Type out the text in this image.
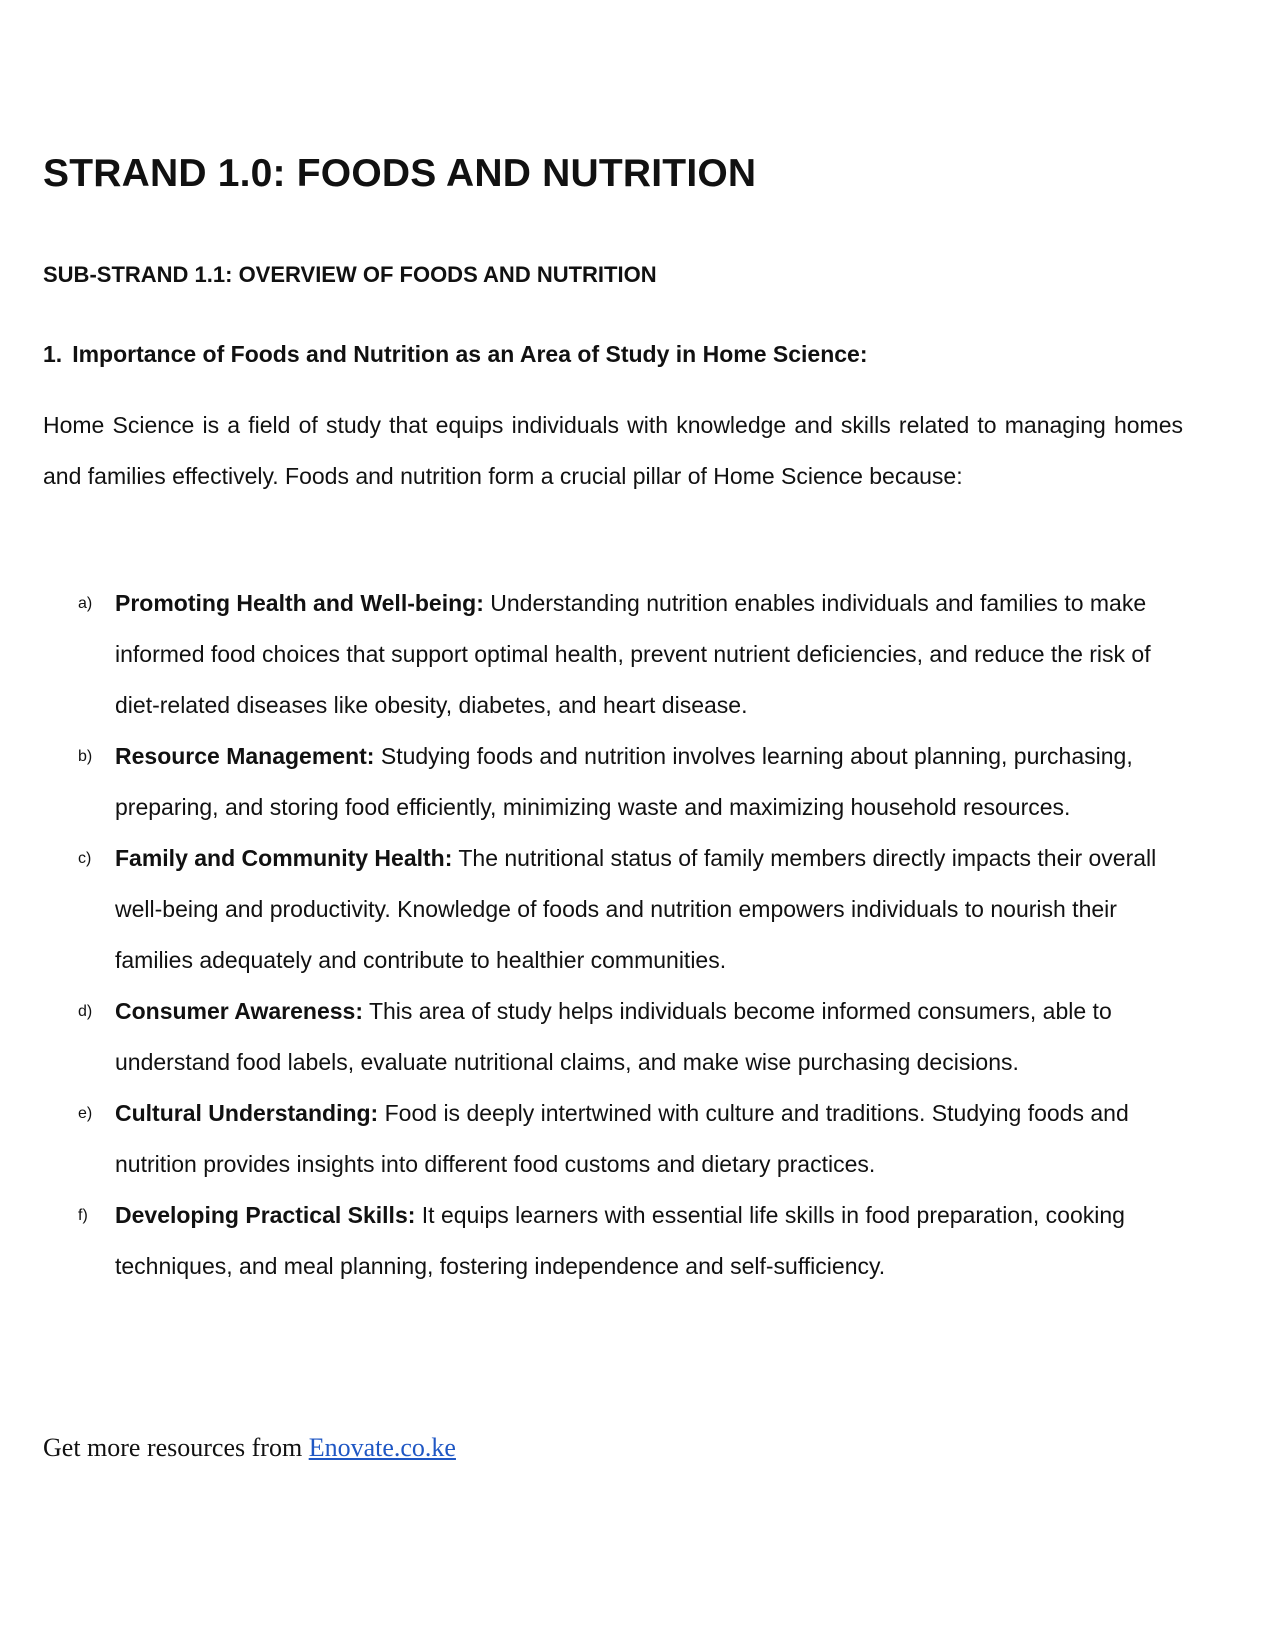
STRAND 1.0: FOODS AND NUTRITION
SUB-STRAND 1.1: OVERVIEW OF FOODS AND NUTRITION
1. Importance of Foods and Nutrition as an Area of Study in Home Science:

Home Science is a field of study that equips individuals with knowledge and skills related to managing homes and families effectively. Foods and nutrition form a crucial pillar of Home Science because:

a) Promoting Health and Well-being: Understanding nutrition enables individuals and families to make informed food choices that support optimal health, prevent nutrient deficiencies, and reduce the risk of diet-related diseases like obesity, diabetes, and heart disease.
b) Resource Management: Studying foods and nutrition involves learning about planning, purchasing, preparing, and storing food efficiently, minimizing waste and maximizing household resources.
c) Family and Community Health: The nutritional status of family members directly impacts their overall well-being and productivity. Knowledge of foods and nutrition empowers individuals to nourish their families adequately and contribute to healthier communities.
d) Consumer Awareness: This area of study helps individuals become informed consumers, able to understand food labels, evaluate nutritional claims, and make wise purchasing decisions.
e) Cultural Understanding: Food is deeply intertwined with culture and traditions. Studying foods and nutrition provides insights into different food customs and dietary practices.
f) Developing Practical Skills: It equips learners with essential life skills in food preparation, cooking techniques, and meal planning, fostering independence and self-sufficiency.
Get more resources from Enovate.co.ke
